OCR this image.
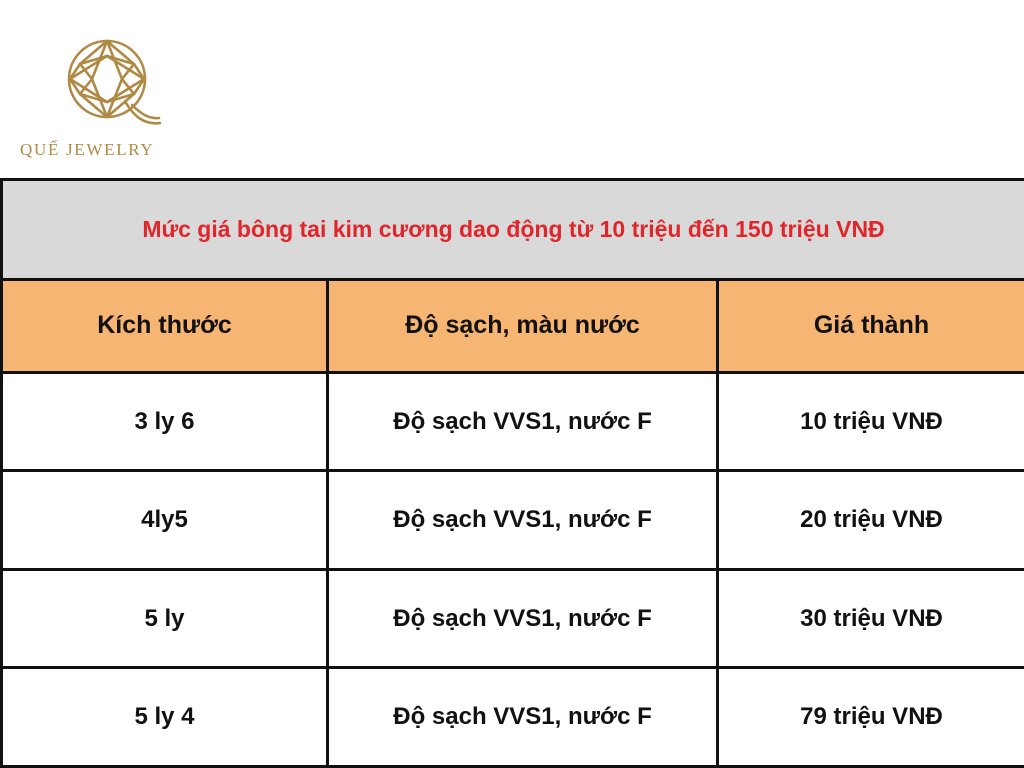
QUẾ JEWELRY
Mức giá bông tai kim cương dao động từ 10 triệu đến 150 triệu VNĐ		
Kích thước	Độ sạch, màu nước	Giá thành
3 ly 6	Độ sạch VVS1, nước F	10 triệu VNĐ
4ly5	Độ sạch VVS1, nước F	20 triệu VNĐ
5 ly	Độ sạch VVS1, nước F	30 triệu VNĐ
5 ly 4	Độ sạch VVS1, nước F	79 triệu VNĐ
